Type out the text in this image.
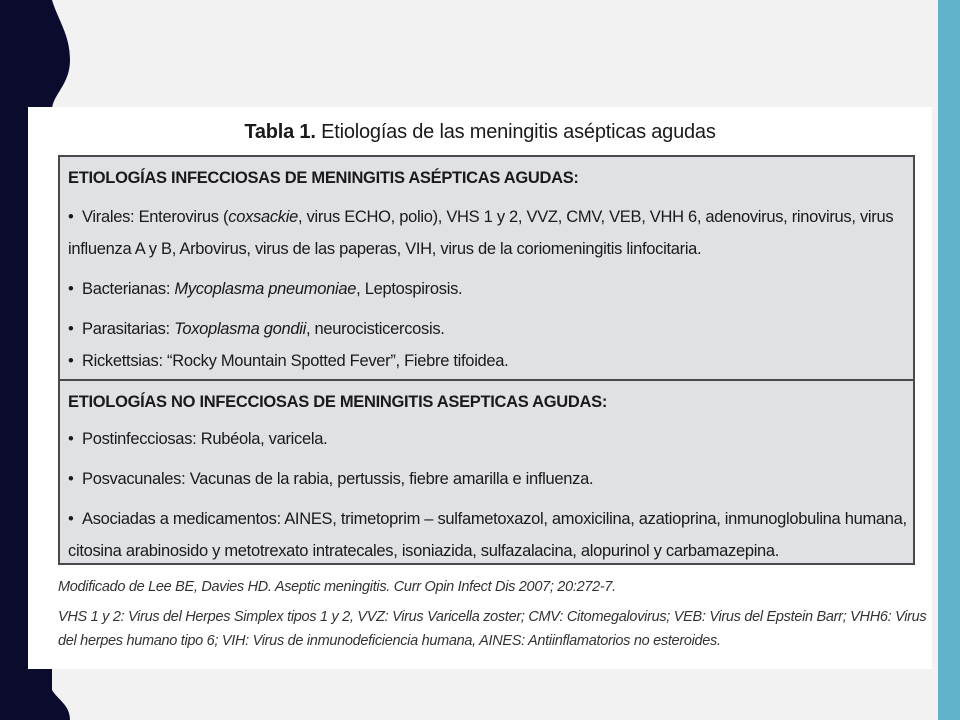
Tabla 1. Etiologías de las meningitis asépticas agudas
ETIOLOGÍAS INFECCIOSAS DE MENINGITIS ASÉPTICAS AGUDAS:
• Virales: Enterovirus (coxsackie, virus ECHO, polio), VHS 1 y 2, VVZ, CMV, VEB, VHH 6, adenovirus, rinovirus, virus influenza A y B, Arbovirus, virus de las paperas, VIH, virus de la coriomeningitis linfocitaria.
• Bacterianas: Mycoplasma pneumoniae, Leptospirosis.
• Parasitarias: Toxoplasma gondii, neurocisticercosis.
• Rickettsias: “Rocky Mountain Spotted Fever”, Fiebre tifoidea.
ETIOLOGÍAS NO INFECCIOSAS DE MENINGITIS ASEPTICAS AGUDAS:
• Postinfecciosas: Rubéola, varicela.
• Posvacunales: Vacunas de la rabia, pertussis, fiebre amarilla e influenza.
• Asociadas a medicamentos: AINES, trimetoprim – sulfametoxazol, amoxicilina, azatioprina, inmunoglobulina humana, citosina arabinosido y metotrexato intratecales, isoniazida, sulfazalacina, alopurinol y carbamazepina.
Modificado de Lee BE, Davies HD. Aseptic meningitis. Curr Opin Infect Dis 2007; 20:272-7.
VHS 1 y 2: Virus del Herpes Simplex tipos 1 y 2, VVZ: Virus Varicella zoster; CMV: Citomegalovirus; VEB: Virus del Epstein Barr; VHH6: Virus del herpes humano tipo 6; VIH: Virus de inmunodeficiencia humana, AINES: Antiinflamatorios no esteroides.
